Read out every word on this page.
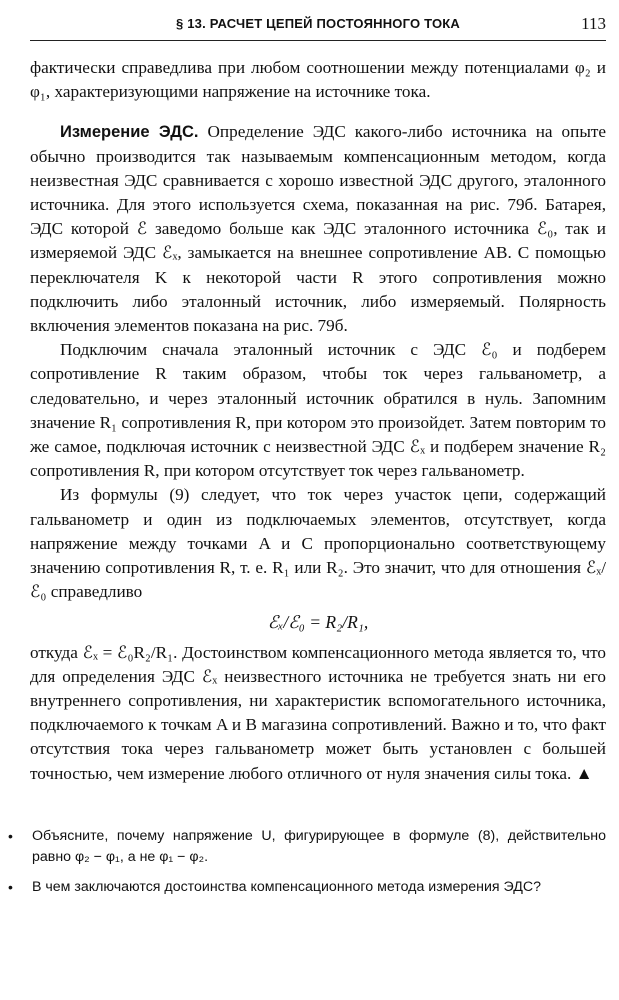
§ 13. РАСЧЕТ ЦЕПЕЙ ПОСТОЯННОГО ТОКА	113

фактически справедлива при любом соотношении между потенциалами φ₂ и φ₁, характеризующими напряжение на источнике тока.

Измерение ЭДС. Определение ЭДС какого-либо источника на опыте обычно производится так называемым компенсационным методом, когда неизвестная ЭДС сравнивается с хорошо известной ЭДС другого, эталонного источника. Для этого используется схема, показанная на рис. 79б. Батарея, ЭДС которой ℰ заведомо больше как ЭДС эталонного источника ℰ₀, так и измеряемой ЭДС ℰₓ, замыкается на внешнее сопротивление AB. С помощью переключателя K к некоторой части R этого сопротивления можно подключить либо эталонный источник, либо измеряемый. Полярность включения элементов показана на рис. 79б.

Подключим сначала эталонный источник с ЭДС ℰ₀ и подберем сопротивление R таким образом, чтобы ток через гальванометр, а следовательно, и через эталонный источник обратился в нуль. Запомним значение R₁ сопротивления R, при котором это произойдет. Затем повторим то же самое, подключая источник с неизвестной ЭДС ℰₓ и подберем значение R₂ сопротивления R, при котором отсутствует ток через гальванометр.

Из формулы (9) следует, что ток через участок цепи, содержащий гальванометр и один из подключаемых элементов, отсутствует, когда напряжение между точками A и C пропорционально соответствующему значению сопротивления R, т. е. R₁ или R₂. Это значит, что для отношения ℰₓ/ℰ₀ справедливо

ℰₓ/ℰ₀ = R₂/R₁,

откуда ℰₓ = ℰ₀R₂/R₁. Достоинством компенсационного метода является то, что для определения ЭДС ℰₓ неизвестного источника не требуется знать ни его внутреннего сопротивления, ни характеристик вспомогательного источника, подключаемого к точкам A и B магазина сопротивлений. Важно и то, что факт отсутствия тока через гальванометр может быть установлен с большей точностью, чем измерение любого отличного от нуля значения силы тока. ▲

• Объясните, почему напряжение U, фигурирующее в формуле (8), действительно равно φ₂ − φ₁, а не φ₁ − φ₂.
• В чем заключаются достоинства компенсационного метода измерения ЭДС?
